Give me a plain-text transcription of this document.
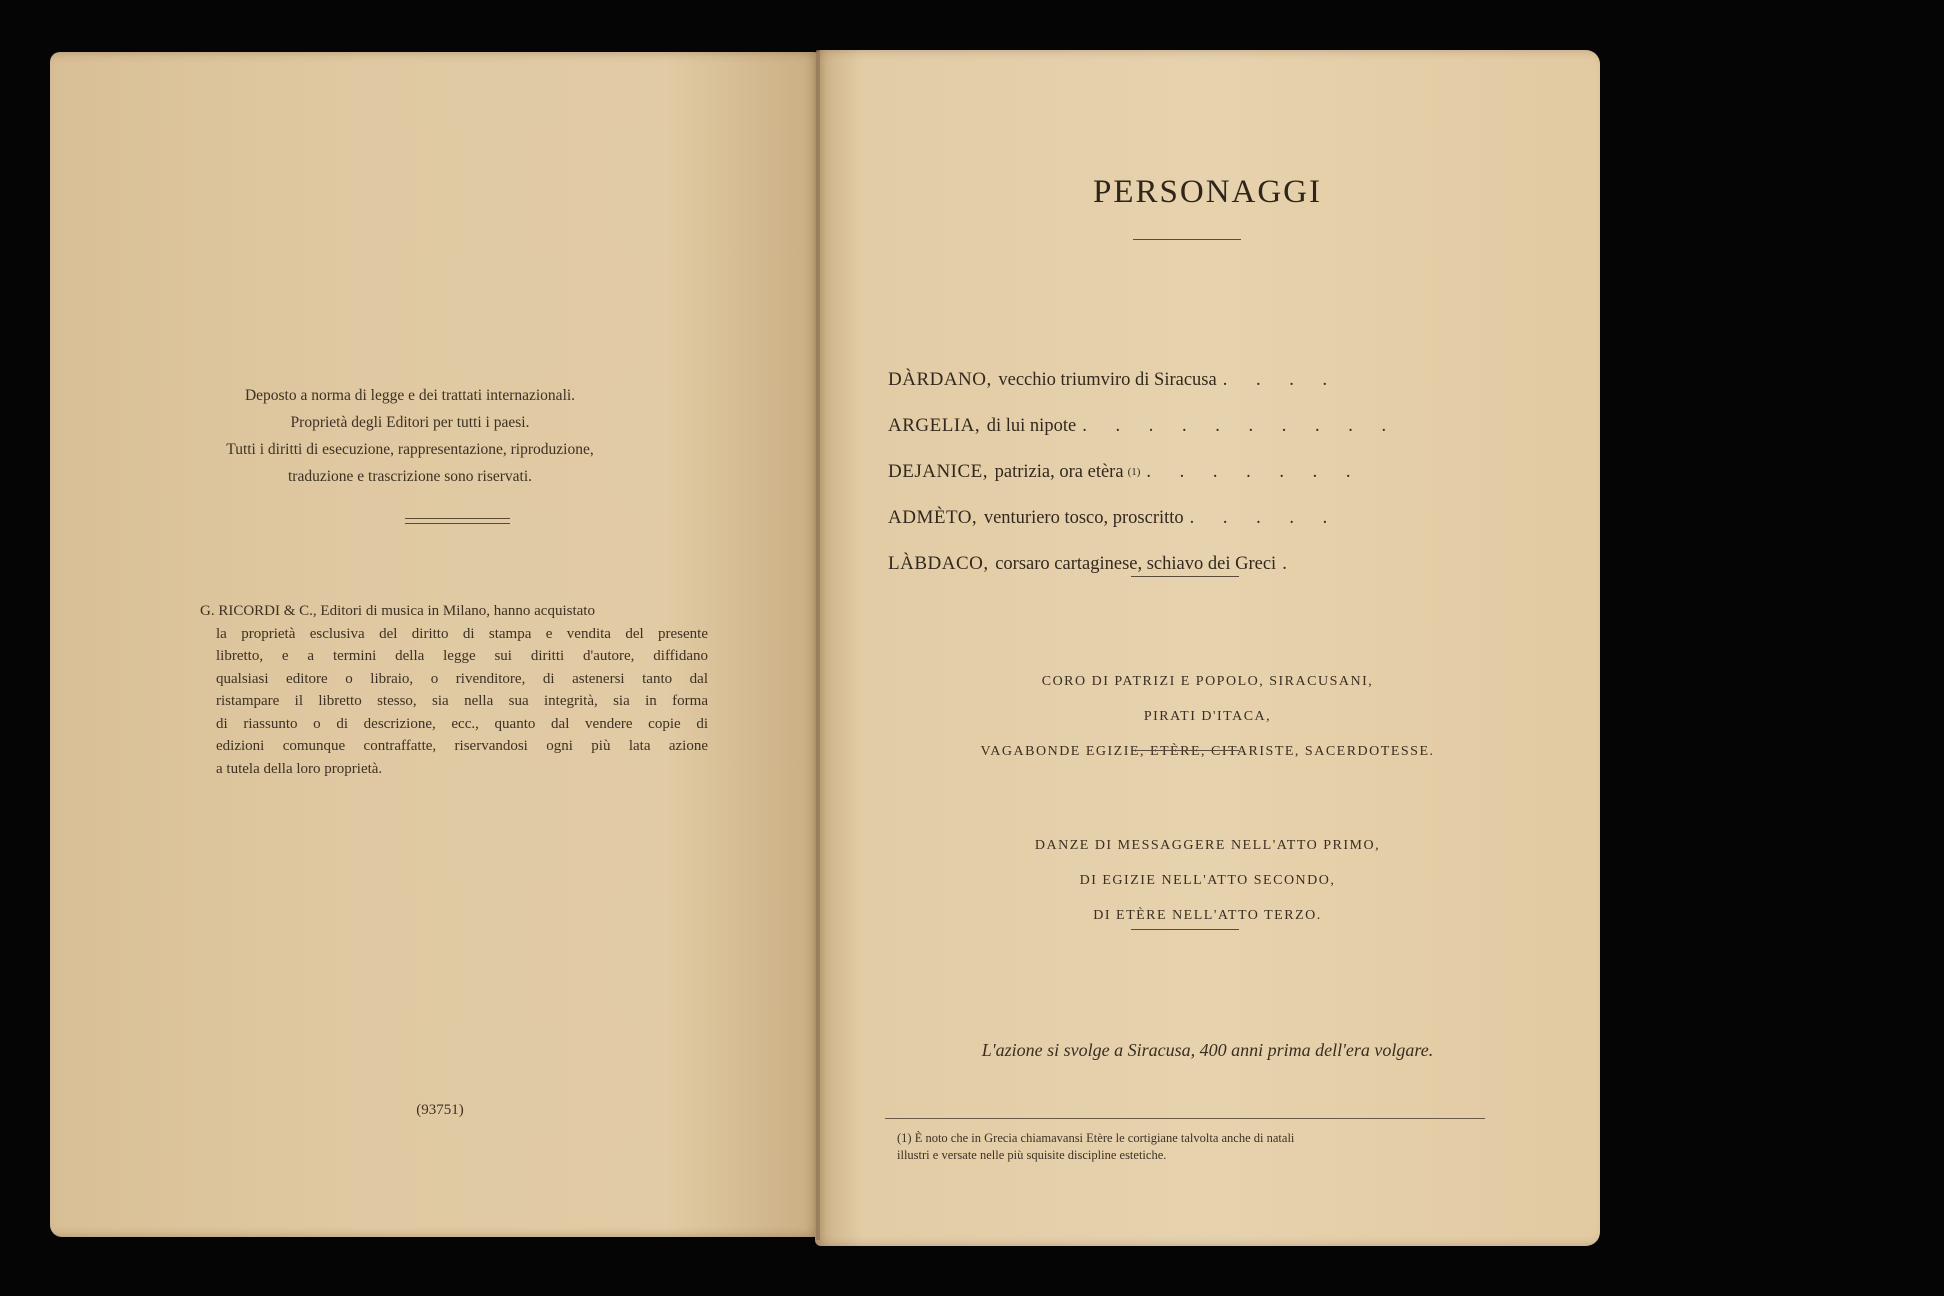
Deposto a norma di legge e dei trattati internazionali.
Proprietà degli Editori per tutti i paesi.
Tutti i diritti di esecuzione, rappresentazione, riproduzione,
traduzione e trascrizione sono riservati.
G. RICORDI & C., Editori di musica in Milano, hanno acquistato
la proprietà esclusiva del diritto di stampa e vendita del presente
libretto, e a termini della legge sui diritti d'autore, diffidano
qualsiasi editore o libraio, o rivenditore, di astenersi tanto dal
ristampare il libretto stesso, sia nella sua integrità, sia in forma
di riassunto o di descrizione, ecc., quanto dal vendere copie di
edizioni comunque contraffatte, riservandosi ogni più lata azione
a tutela della loro proprietà.
(93751)
PERSONAGGI
DÀRDANO,
vecchio triumviro di Siracusa . . . .
ARGELIA,
di lui nipote . . . . . . . . . .
DEJANICE,
patrizia, ora etèra (1) . . . . . . .
ADMÈTO,
venturiero tosco, proscritto . . . . .
LÀBDACO,
corsaro cartaginese, schiavo dei Greci .
CORO DI PATRIZI E POPOLO, SIRACUSANI,
PIRATI D'ITACA,
VAGABONDE EGIZIE, ETÈRE, CITARISTE, SACERDOTESSE.
DANZE DI MESSAGGERE NELL'ATTO PRIMO,
DI EGIZIE NELL'ATTO SECONDO,
DI ETÈRE NELL'ATTO TERZO.
L'azione si svolge a Siracusa, 400 anni prima dell'era volgare.
(1) È noto che in Grecia chiamavansi Etère le cortigiane talvolta anche di natali
illustri e versate nelle più squisite discipline estetiche.
